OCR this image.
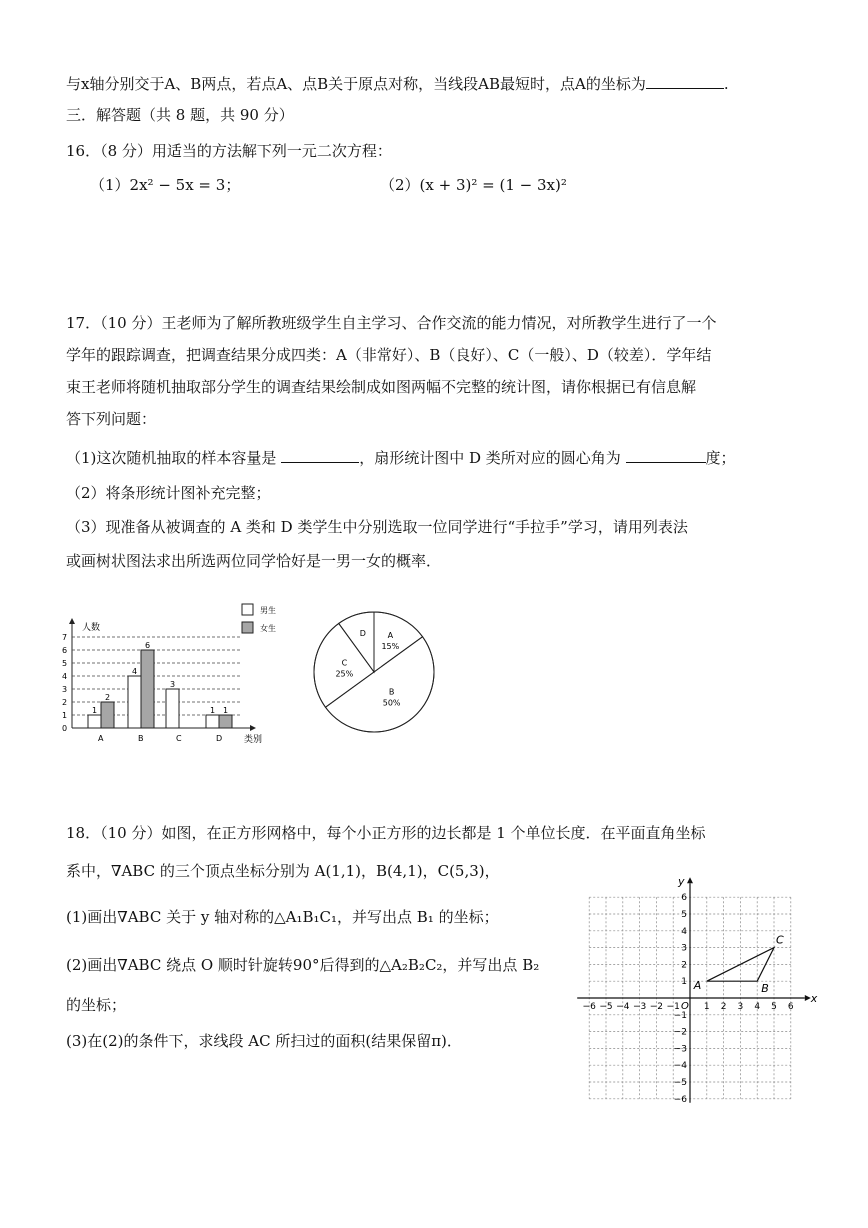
与x轴分别交于A、B两点，若点A、点B关于原点对称，当线段AB最短时，点A的坐标为	.
三．解答题（共 8 题，共 90 分）
16．（8 分）用适当的方法解下列一元二次方程：
（1）2x² − 5x = 3；	（2）(x + 3)² = (1 − 3x)²
17．（10 分）王老师为了解所教班级学生自主学习、合作交流的能力情况，对所教学生进行了一个
学年的跟踪调查，把调查结果分成四类：A（非常好）、B（良好）、C（一般）、D（较差）．学年结
束王老师将随机抽取部分学生的调查结果绘制成如图两幅不完整的统计图，请你根据已有信息解
答下列问题：
（1)这次随机抽取的样本容量是	，扇形统计图中 D 类所对应的圆心角为	度；
（2）将条形统计图补充完整；
（3）现准备从被调查的 A 类和 D 类学生中分别选取一位同学进行“手拉手”学习，请用列表法
或画树状图法求出所选两位同学恰好是一男一女的概率．
人数
类别
0
1
2
3
4
5
6
7
A
1
2
B
4
6
C
3
D
1 1
男生
女生
A
15%
B
50%
C
25%
D
18．（10 分）如图，在正方形网格中，每个小正方形的边长都是 1 个单位长度．在平面直角坐标
系中，∇ABC 的三个顶点坐标分别为 A(1,1)，B(4,1)，C(5,3)，
(1)画出∇ABC 关于 y 轴对称的△A₁B₁C₁，并写出点 B₁ 的坐标；
(2)画出∇ABC 绕点 O 顺时针旋转90°后得到的△A₂B₂C₂，并写出点 B₂
的坐标；
(3)在(2)的条件下，求线段 AC 所扫过的面积(结果保留π)．
x
y
O
−6 −5 −4 −3 −2 −1	1 2 3 4 5 6
6
5
4
3
2
1
−1
−2
−3
−4
−5
−6
A	B
C
